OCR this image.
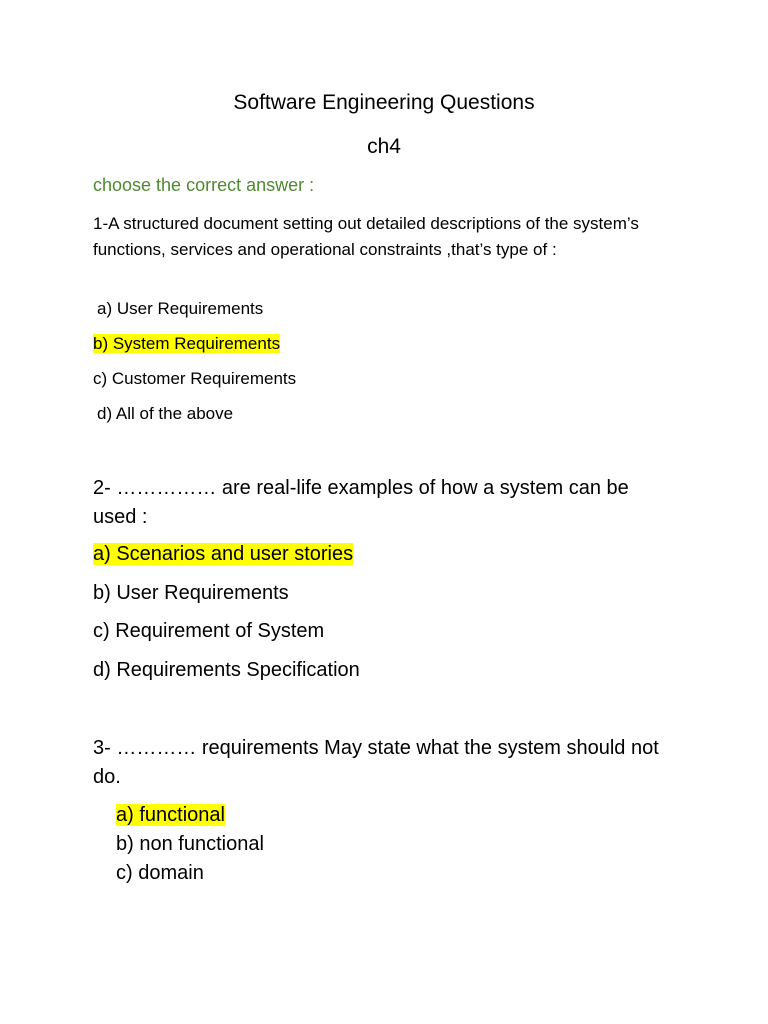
Software Engineering Questions
ch4
choose the correct answer :
1-A structured document setting out detailed descriptions of the system’s functions, services and operational constraints ,that’s type of :
a) User Requirements
b) System Requirements
c) Customer Requirements
d) All of the above
2- …………… are real-life examples of how a system can be used :
a) Scenarios and user stories
b) User Requirements
c) Requirement of System
d) Requirements Specification
3- ………… requirements May state what the system should not do.
a) functional
b) non functional
c) domain
